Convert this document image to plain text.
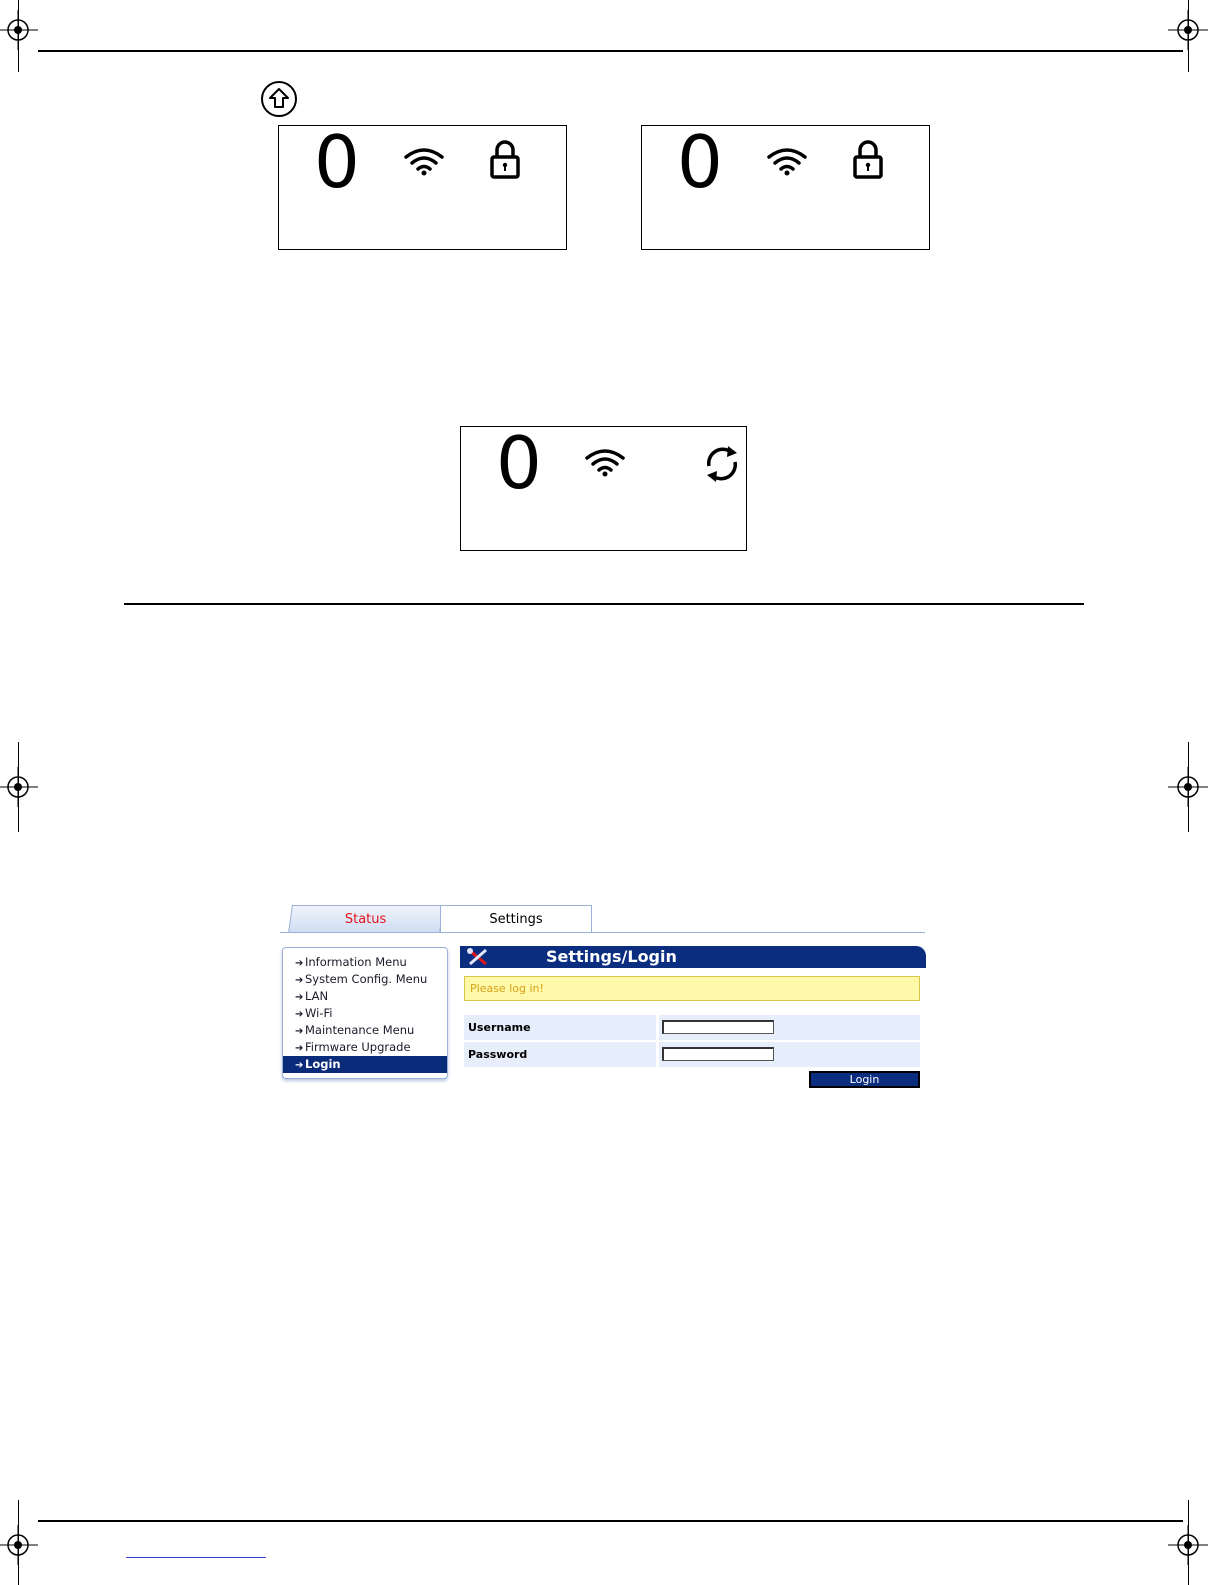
0	0
0
Status	Settings
➔ Information Menu
➔ System Config. Menu
➔ LAN
➔ Wi-Fi
➔ Maintenance Menu
➔ Firmware Upgrade
➔ Login
Settings/Login
Please log in!
Username
Password
Login
